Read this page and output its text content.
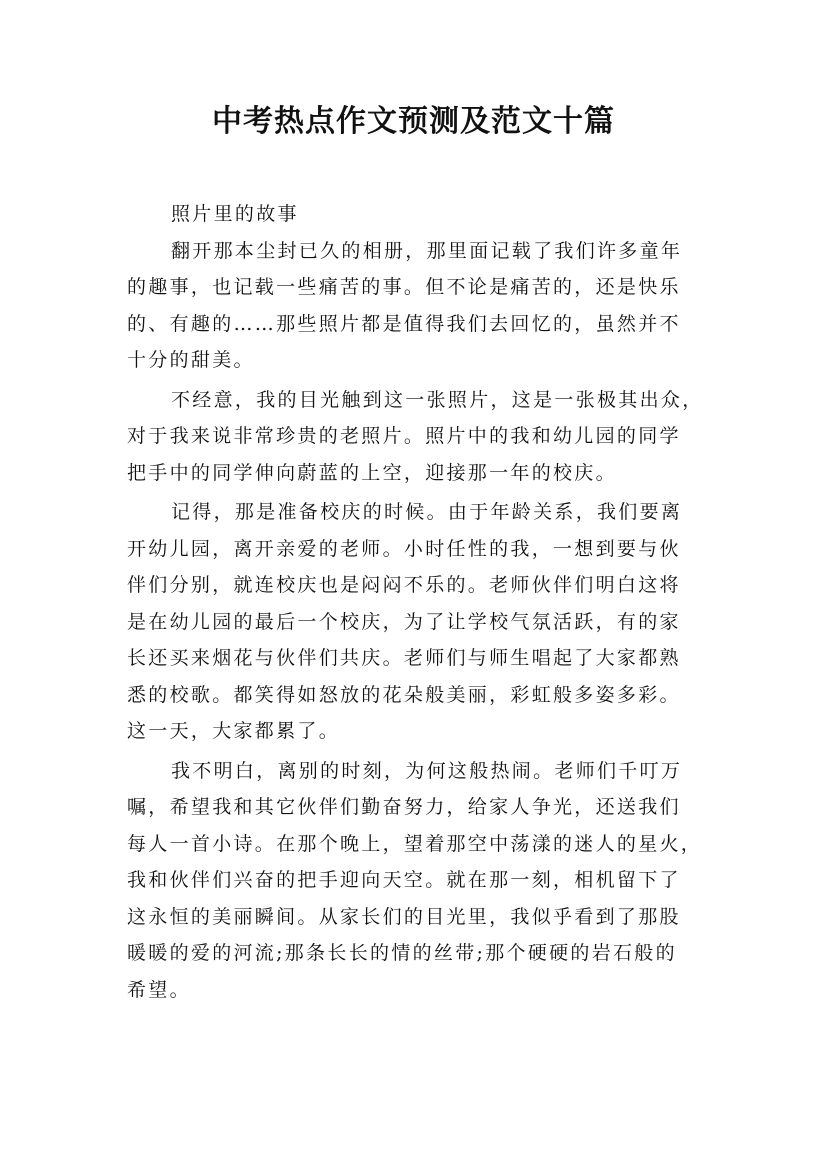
中考热点作文预测及范文十篇
照片里的故事
翻开那本尘封已久的相册，那里面记载了我们许多童年
的趣事，也记载一些痛苦的事。但不论是痛苦的，还是快乐
的、有趣的……那些照片都是值得我们去回忆的，虽然并不
十分的甜美。
不经意，我的目光触到这一张照片，这是一张极其出众，
对于我来说非常珍贵的老照片。照片中的我和幼儿园的同学
把手中的同学伸向蔚蓝的上空，迎接那一年的校庆。
记得，那是准备校庆的时候。由于年龄关系，我们要离
开幼儿园，离开亲爱的老师。小时任性的我，一想到要与伙
伴们分别，就连校庆也是闷闷不乐的。老师伙伴们明白这将
是在幼儿园的最后一个校庆，为了让学校气氛活跃，有的家
长还买来烟花与伙伴们共庆。老师们与师生唱起了大家都熟
悉的校歌。都笑得如怒放的花朵般美丽，彩虹般多姿多彩。
这一天，大家都累了。
我不明白，离别的时刻，为何这般热闹。老师们千叮万
嘱，希望我和其它伙伴们勤奋努力，给家人争光，还送我们
每人一首小诗。在那个晚上，望着那空中荡漾的迷人的星火，
我和伙伴们兴奋的把手迎向天空。就在那一刻，相机留下了
这永恒的美丽瞬间。从家长们的目光里，我似乎看到了那股
暖暖的爱的河流;那条长长的情的丝带;那个硬硬的岩石般的
希望。
